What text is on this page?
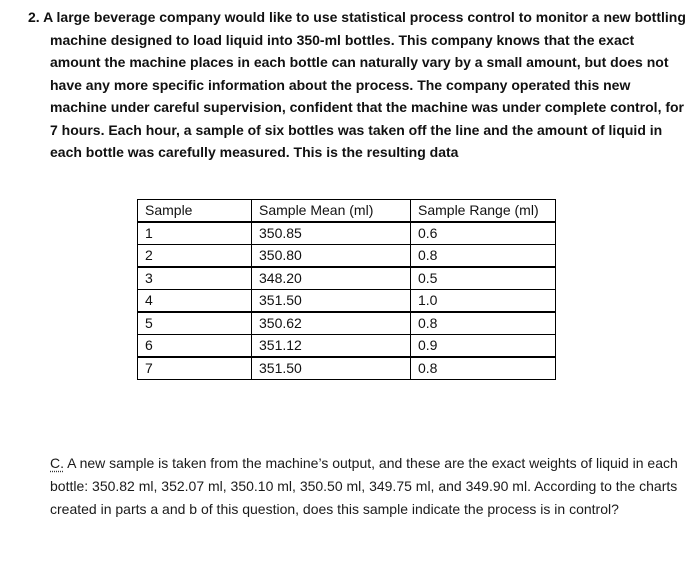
2. A large beverage company would like to use statistical process control to monitor a new bottling
machine designed to load liquid into 350-ml bottles. This company knows that the exact amount the machine places in each bottle can naturally vary by a small amount, but does not have any more specific information about the process. The company operated this new machine under careful supervision, confident that the machine was under complete control, for 7 hours. Each hour, a sample of six bottles was taken off the line and the amount of liquid in each bottle was carefully measured. This is the resulting data
Sample	Sample Mean (ml)	Sample Range (ml)
1	350.85	0.6
2	350.80	0.8
3	348.20	0.5
4	351.50	1.0
5	350.62	0.8
6	351.12	0.9
7	351.50	0.8
C. A new sample is taken from the machine’s output, and these are the exact weights of liquid in each bottle: 350.82 ml, 352.07 ml, 350.10 ml, 350.50 ml, 349.75 ml, and 349.90 ml. According to the charts created in parts a and b of this question, does this sample indicate the process is in control?
